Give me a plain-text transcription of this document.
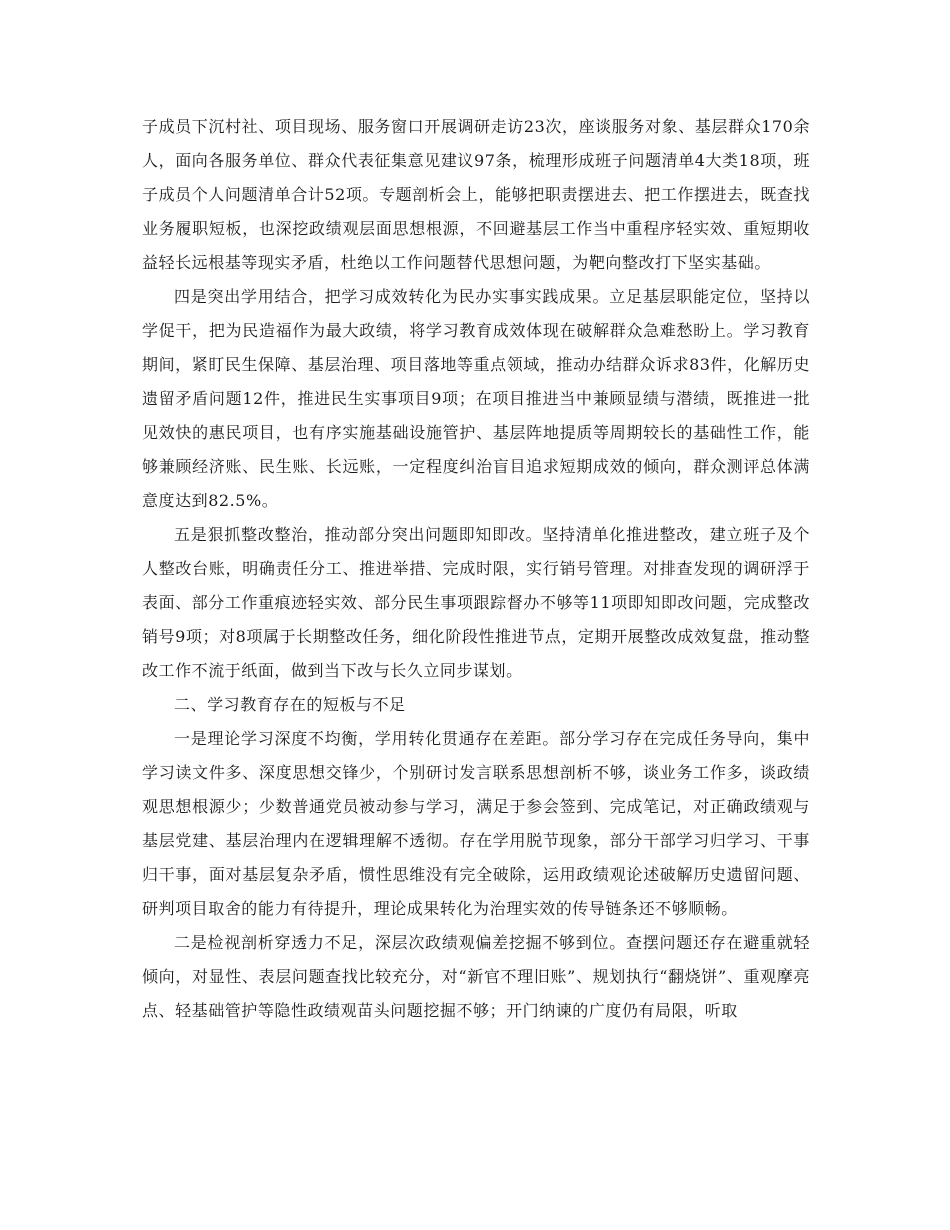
子成员下沉村社、项目现场、服务窗口开展调研走访23次，座谈服务对象、基层群众170余人，面向各服务单位、群众代表征集意见建议97条，梳理形成班子问题清单4大类18项，班子成员个人问题清单合计52项。专题剖析会上，能够把职责摆进去、把工作摆进去，既查找业务履职短板，也深挖政绩观层面思想根源，不回避基层工作当中重程序轻实效、重短期收益轻长远根基等现实矛盾，杜绝以工作问题替代思想问题，为靶向整改打下坚实基础。

四是突出学用结合，把学习成效转化为民办实事实践成果。立足基层职能定位，坚持以学促干，把为民造福作为最大政绩，将学习教育成效体现在破解群众急难愁盼上。学习教育期间，紧盯民生保障、基层治理、项目落地等重点领域，推动办结群众诉求83件，化解历史遗留矛盾问题12件，推进民生实事项目9项；在项目推进当中兼顾显绩与潜绩，既推进一批见效快的惠民项目，也有序实施基础设施管护、基层阵地提质等周期较长的基础性工作，能够兼顾经济账、民生账、长远账，一定程度纠治盲目追求短期成效的倾向，群众测评总体满意度达到82.5%。

五是狠抓整改整治，推动部分突出问题即知即改。坚持清单化推进整改，建立班子及个人整改台账，明确责任分工、推进举措、完成时限，实行销号管理。对排查发现的调研浮于表面、部分工作重痕迹轻实效、部分民生事项跟踪督办不够等11项即知即改问题，完成整改销号9项；对8项属于长期整改任务，细化阶段性推进节点，定期开展整改成效复盘，推动整改工作不流于纸面，做到当下改与长久立同步谋划。

二、学习教育存在的短板与不足

一是理论学习深度不均衡，学用转化贯通存在差距。部分学习存在完成任务导向，集中学习读文件多、深度思想交锋少，个别研讨发言联系思想剖析不够，谈业务工作多，谈政绩观思想根源少；少数普通党员被动参与学习，满足于参会签到、完成笔记，对正确政绩观与基层党建、基层治理内在逻辑理解不透彻。存在学用脱节现象，部分干部学习归学习、干事归干事，面对基层复杂矛盾，惯性思维没有完全破除，运用政绩观论述破解历史遗留问题、研判项目取舍的能力有待提升，理论成果转化为治理实效的传导链条还不够顺畅。

二是检视剖析穿透力不足，深层次政绩观偏差挖掘不够到位。查摆问题还存在避重就轻倾向，对显性、表层问题查找比较充分，对“新官不理旧账”、规划执行“翻烧饼”、重观摩亮点、轻基础管护等隐性政绩观苗头问题挖掘不够；开门纳谏的广度仍有局限，听取
